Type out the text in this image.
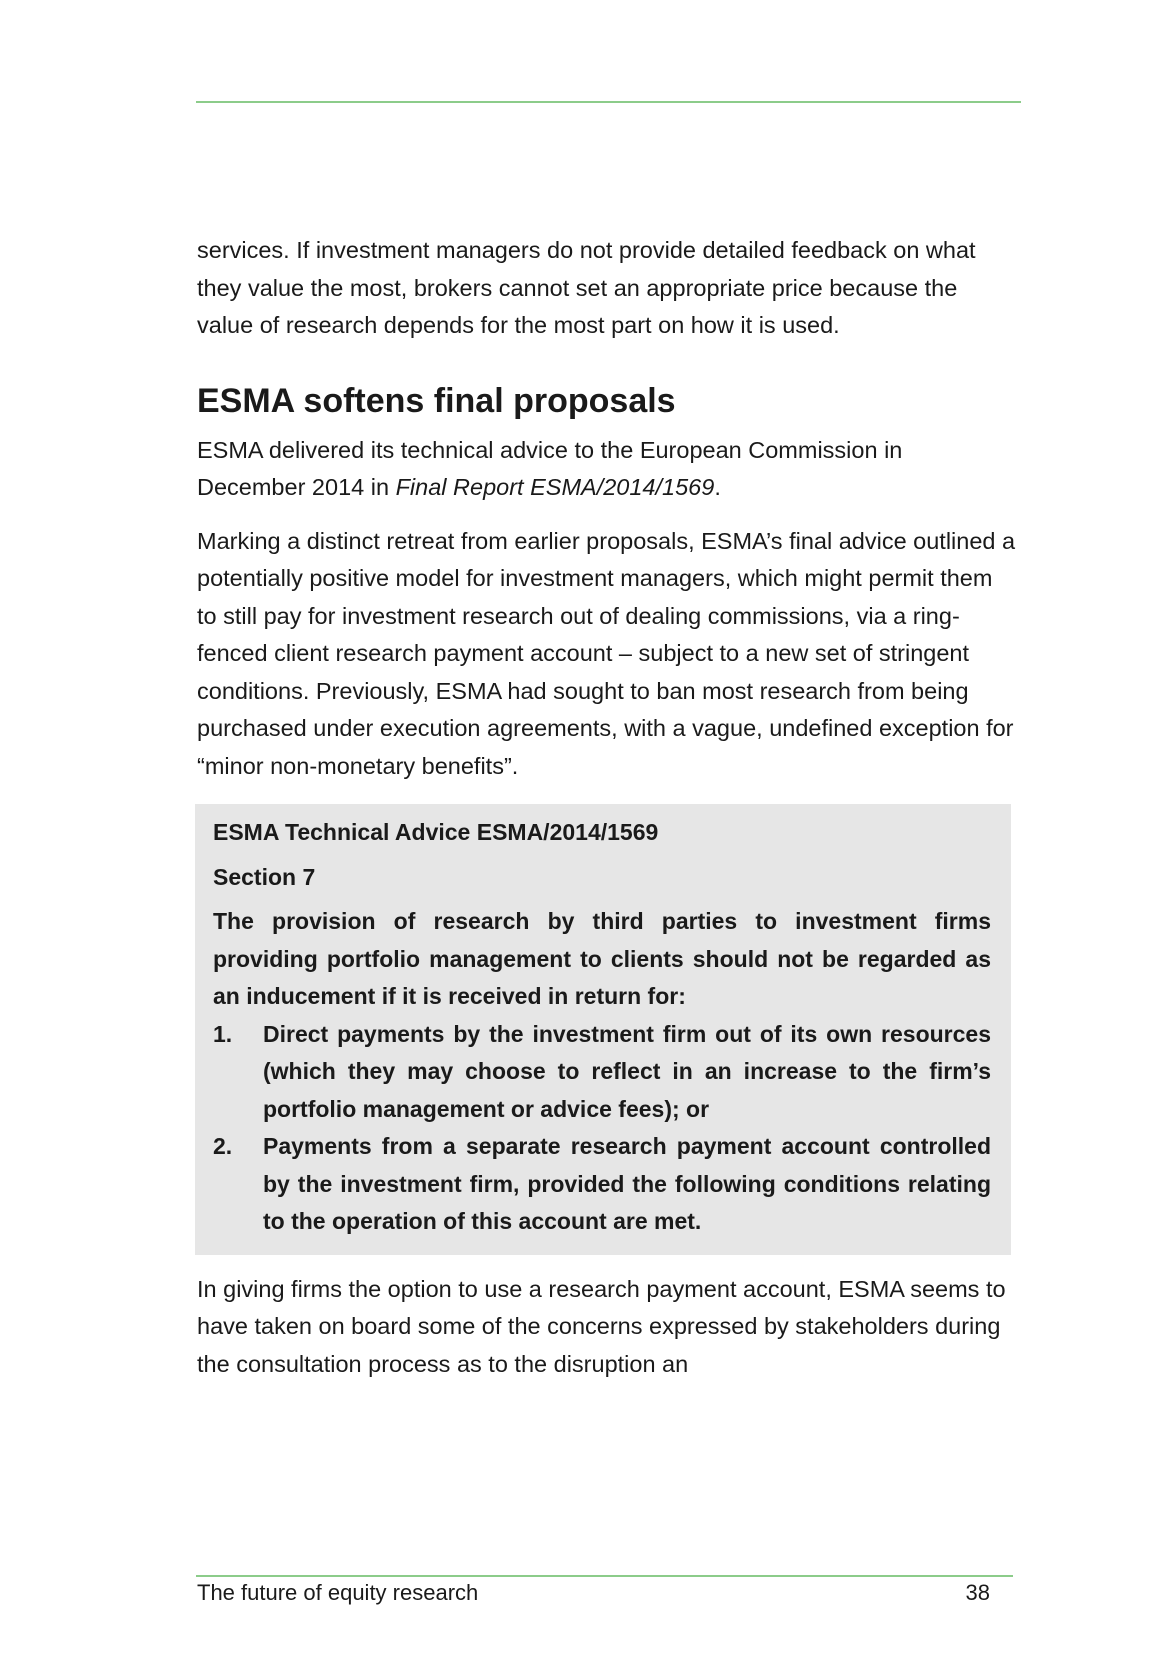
services. If investment managers do not provide detailed feedback on what they value the most, brokers cannot set an appropriate price because the value of research depends for the most part on how it is used.

ESMA softens final proposals

ESMA delivered its technical advice to the European Commission in December 2014 in Final Report ESMA/2014/1569.

Marking a distinct retreat from earlier proposals, ESMA’s final advice outlined a potentially positive model for investment managers, which might permit them to still pay for investment research out of dealing commissions, via a ring-fenced client research payment account – subject to a new set of stringent conditions. Previously, ESMA had sought to ban most research from being purchased under execution agreements, with a vague, undefined exception for “minor non-monetary benefits”.

ESMA Technical Advice ESMA/2014/1569

Section 7

The provision of research by third parties to investment firms providing portfolio management to clients should not be regarded as an inducement if it is received in return for:

1. Direct payments by the investment firm out of its own resources (which they may choose to reflect in an increase to the firm’s portfolio management or advice fees); or
2. Payments from a separate research payment account controlled by the investment firm, provided the following conditions relating to the operation of this account are met.

In giving firms the option to use a research payment account, ESMA seems to have taken on board some of the concerns expressed by stakeholders during the consultation process as to the disruption an

The future of equity research	38
